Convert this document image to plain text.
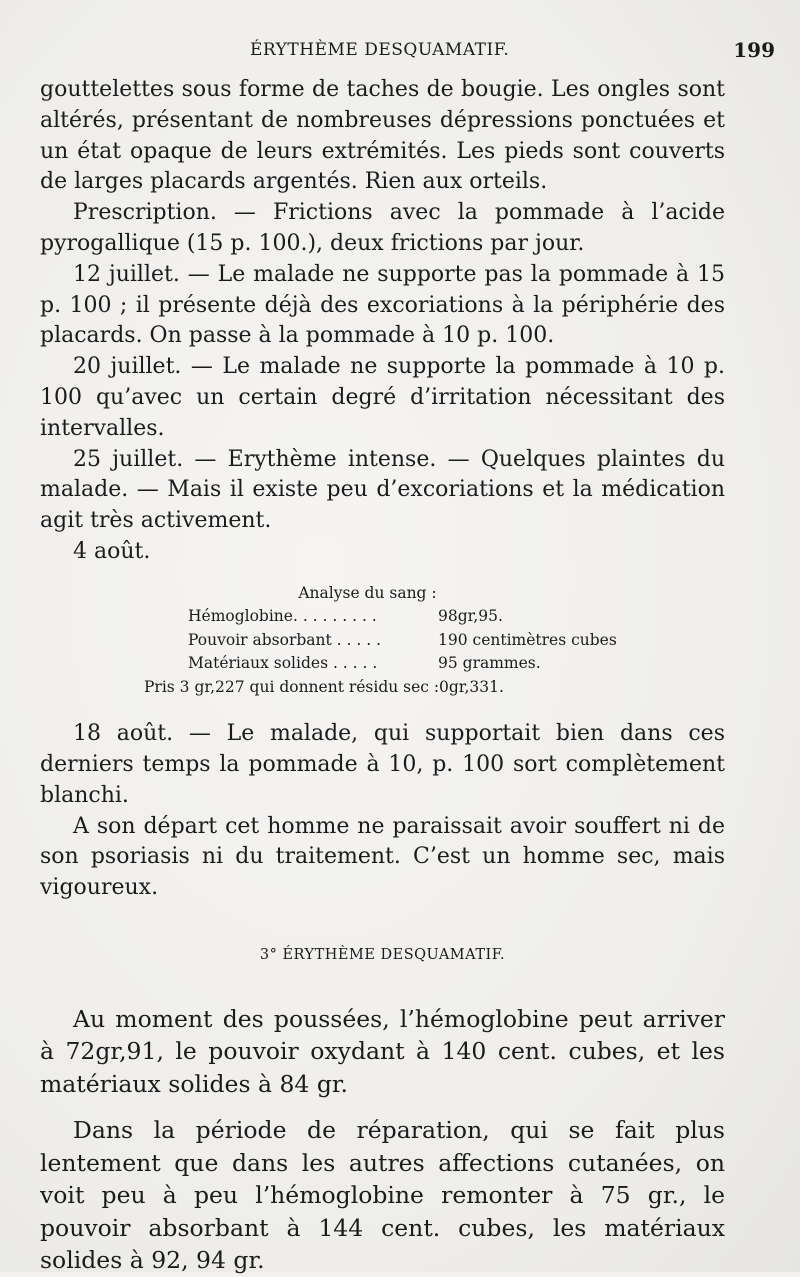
ÉRYTHÈME DESQUAMATIF.	199

gouttelettes sous forme de taches de bougie. Les ongles sont altérés, présentant de nombreuses dépressions ponctuées et un état opaque de leurs extrémités. Les pieds sont couverts de larges placards argentés. Rien aux orteils.

Prescription. — Frictions avec la pommade à l’acide pyrogallique (15 p. 100.), deux frictions par jour.

12 juillet. — Le malade ne supporte pas la pommade à 15 p. 100 ; il présente déjà des excoriations à la périphérie des placards. On passe à la pommade à 10 p. 100.

20 juillet. — Le malade ne supporte la pommade à 10 p. 100 qu’avec un certain degré d’irritation nécessitant des intervalles.

25 juillet. — Erythème intense. — Quelques plaintes du malade. — Mais il existe peu d’excoriations et la médication agit très activement.

4 août.

Analyse du sang :
Hémoglobine. . . . . . . . .	98gr,95.
Pouvoir absorbant . . . . .	190 centimètres cubes
Matériaux solides . . . . .	95 grammes.
Pris 3 gr,227 qui donnent résidu sec : 0gr,331.

18 août. — Le malade, qui supportait bien dans ces derniers temps la pommade à 10, p. 100 sort complètement blanchi.

A son départ cet homme ne paraissait avoir souffert ni de son psoriasis ni du traitement. C’est un homme sec, mais vigoureux.

3° ÉRYTHÈME DESQUAMATIF.

Au moment des poussées, l’hémoglobine peut arriver à 72gr,91, le pouvoir oxydant à 140 cent. cubes, et les matériaux solides à 84 gr.

Dans la période de réparation, qui se fait plus lentement que dans les autres affections cutanées, on voit peu à peu l’hémoglobine remonter à 75 gr., le pouvoir absorbant à 144 cent. cubes, les matériaux solides à 92, 94 gr.
